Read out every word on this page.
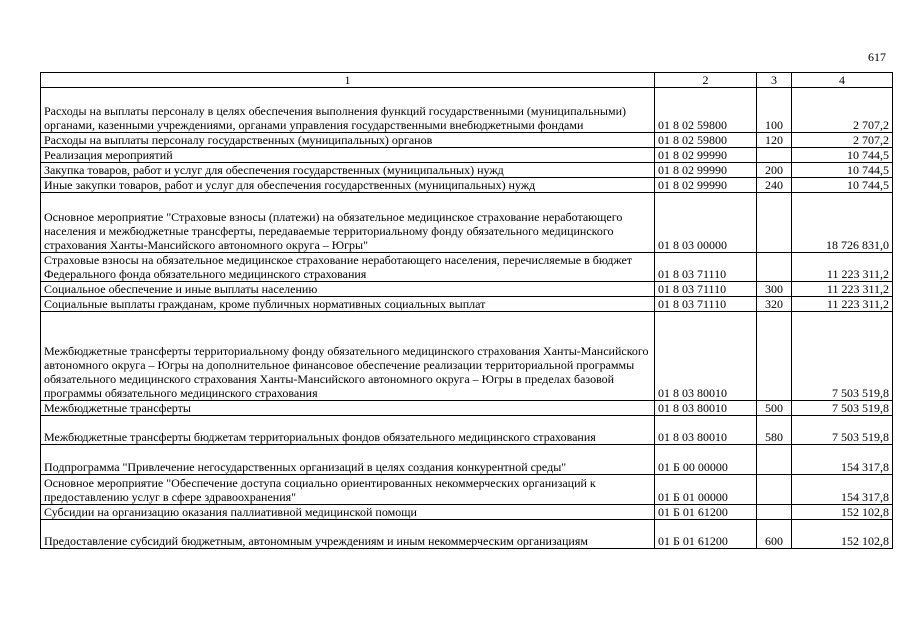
617
1	2	3	4
Расходы на выплаты персоналу в целях обеспечения выполнения функций государственными (муниципальными) органами, казенными учреждениями, органами управления государственными внебюджетными фондами	01 8 02 59800	100	2 707,2
Расходы на выплаты персоналу государственных (муниципальных) органов	01 8 02 59800	120	2 707,2
Реализация мероприятий	01 8 02 99990		10 744,5
Закупка товаров, работ и услуг для обеспечения государственных (муниципальных) нужд	01 8 02 99990	200	10 744,5
Иные закупки товаров, работ и услуг для обеспечения государственных (муниципальных) нужд	01 8 02 99990	240	10 744,5
Основное мероприятие "Страховые взносы (платежи) на обязательное медицинское страхование неработающего населения и межбюджетные трансферты, передаваемые территориальному фонду обязательного медицинского страхования Ханты-Мансийского автономного округа – Югры"	01 8 03 00000		18 726 831,0
Страховые взносы на обязательное медицинское страхование неработающего населения, перечисляемые в бюджет Федерального фонда обязательного медицинского страхования	01 8 03 71110		11 223 311,2
Социальное обеспечение и иные выплаты населению	01 8 03 71110	300	11 223 311,2
Социальные выплаты гражданам, кроме публичных нормативных социальных выплат	01 8 03 71110	320	11 223 311,2
Межбюджетные трансферты территориальному фонду обязательного медицинского страхования Ханты-Мансийского автономного округа – Югры на дополнительное финансовое обеспечение реализации территориальной программы обязательного медицинского страхования Ханты-Мансийского автономного округа – Югры в пределах базовой программы обязательного медицинского страхования	01 8 03 80010		7 503 519,8
Межбюджетные трансферты	01 8 03 80010	500	7 503 519,8
Межбюджетные трансферты бюджетам территориальных фондов обязательного медицинского страхования	01 8 03 80010	580	7 503 519,8
Подпрограмма "Привлечение негосударственных организаций в целях создания конкурентной среды"	01 Б 00 00000		154 317,8
Основное мероприятие "Обеспечение доступа социально ориентированных некоммерческих организаций к предоставлению услуг в сфере здравоохранения"	01 Б 01 00000		154 317,8
Субсидии на организацию оказания паллиативной медицинской помощи	01 Б 01 61200		152 102,8
Предоставление субсидий бюджетным, автономным учреждениям и иным некоммерческим организациям	01 Б 01 61200	600	152 102,8
